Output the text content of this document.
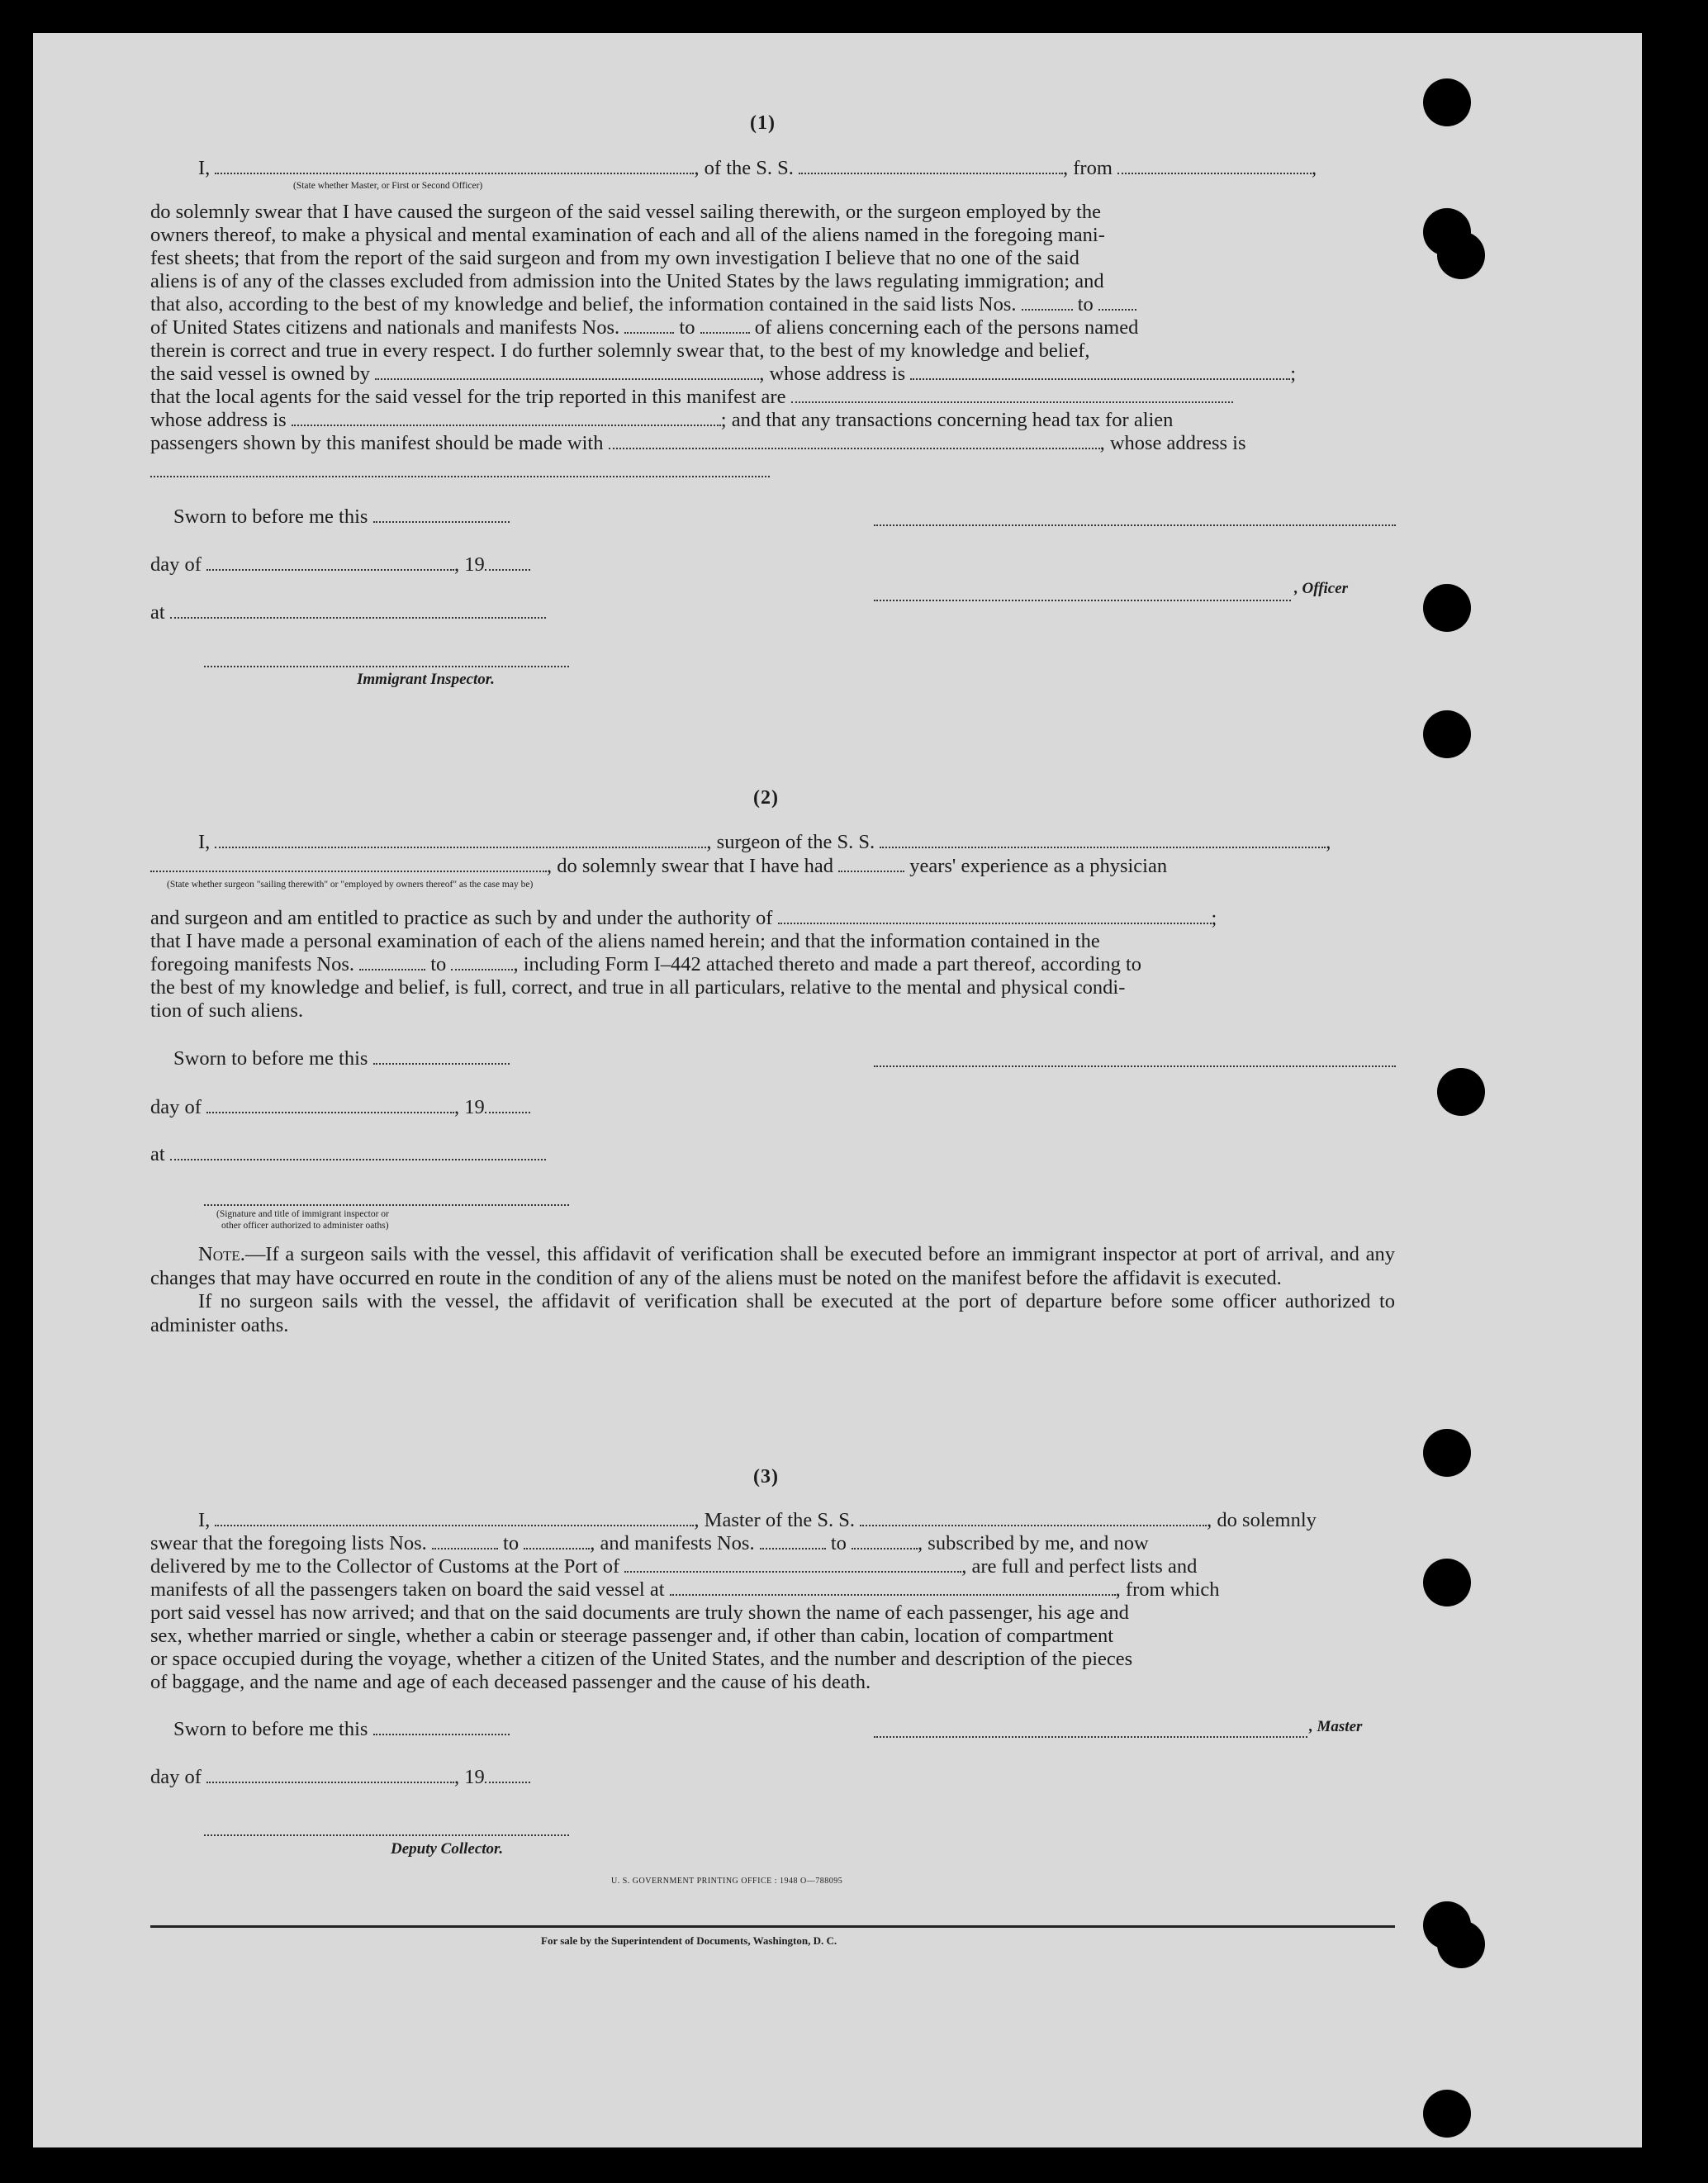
(1)
I,	, of the S. S.	, from	,
(State whether Master, or First or Second Officer)
do solemnly swear that I have caused the surgeon of the said vessel sailing therewith, or the surgeon employed by the
owners thereof, to make a physical and mental examination of each and all of the aliens named in the foregoing mani-
fest sheets; that from the report of the said surgeon and from my own investigation I believe that no one of the said
aliens is of any of the classes excluded from admission into the United States by the laws regulating immigration; and
that also, according to the best of my knowledge and belief, the information contained in the said lists Nos.	to
of United States citizens and nationals and manifests Nos.	to	of aliens concerning each of the persons named
therein is correct and true in every respect. I do further solemnly swear that, to the best of my knowledge and belief,
the said vessel is owned by	, whose address is	;
that the local agents for the said vessel for the trip reported in this manifest are
whose address is	; and that any transactions concerning head tax for alien
passengers shown by this manifest should be made with	, whose address is
Sworn to before me this
day of	, 19
, Officer
at
Immigrant Inspector.
(2)
I,	, surgeon of the S. S.	,
, do solemnly swear that I have had	years' experience as a physician
(State whether surgeon "sailing therewith" or "employed by owners thereof" as the case may be)
and surgeon and am entitled to practice as such by and under the authority of	;
that I have made a personal examination of each of the aliens named herein; and that the information contained in the
foregoing manifests Nos.	to	, including Form I–442 attached thereto and made a part thereof, according to
the best of my knowledge and belief, is full, correct, and true in all particulars, relative to the mental and physical condi-
tion of such aliens.
Sworn to before me this
day of	, 19
at
(Signature and title of immigrant inspector or
other officer authorized to administer oaths)

Note.—If a surgeon sails with the vessel, this affidavit of verification shall be executed before an immigrant inspector at port of arrival, and any changes that may have occurred en route in the condition of any of the aliens must be noted on the manifest before the affidavit is executed.

If no surgeon sails with the vessel, the affidavit of verification shall be executed at the port of departure before some officer authorized to administer oaths.

(3)
I,	, Master of the S. S.	, do solemnly
swear that the foregoing lists Nos.	to	, and manifests Nos.	to	, subscribed by me, and now
delivered by me to the Collector of Customs at the Port of	, are full and perfect lists and
manifests of all the passengers taken on board the said vessel at	, from which
port said vessel has now arrived; and that on the said documents are truly shown the name of each passenger, his age and
sex, whether married or single, whether a cabin or steerage passenger and, if other than cabin, location of compartment
or space occupied during the voyage, whether a citizen of the United States, and the number and description of the pieces
of baggage, and the name and age of each deceased passenger and the cause of his death.
Sworn to before me this	, Master
day of	, 19
Deputy Collector.
U. S. GOVERNMENT PRINTING OFFICE : 1948 O—788095
For sale by the Superintendent of Documents, Washington, D. C.
